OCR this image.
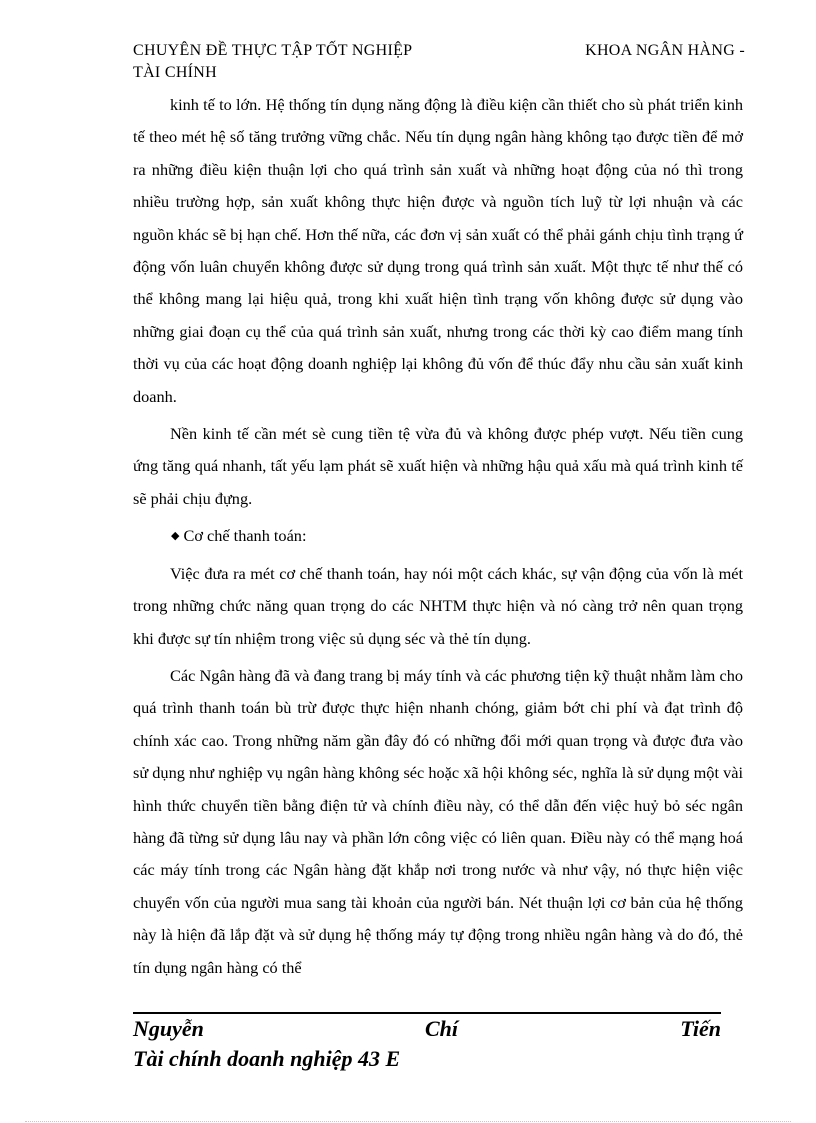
CHUYÊN ĐỀ THỰC TẬP TỐT NGHIỆP	KHOA NGÂN HÀNG -
TÀI CHÍNH

kinh tế to lớn. Hệ thống tín dụng năng động là điều kiện cần thiết cho sù phát triển kinh tế theo mét hệ số tăng trưởng vững chắc. Nếu tín dụng ngân hàng không tạo được tiền để mở ra những điều kiện thuận lợi cho quá trình sản xuất và những hoạt động của nó thì trong nhiều trường hợp, sản xuất không thực hiện được và nguồn tích luỹ từ lợi nhuận và các nguồn khác sẽ bị hạn chế. Hơn thế nữa, các đơn vị sản xuất có thể phải gánh chịu tình trạng ứ động vốn luân chuyển không được sử dụng trong quá trình sản xuất. Một thực tế như thế có thể không mang lại hiệu quả, trong khi xuất hiện tình trạng vốn không được sử dụng vào những giai đoạn cụ thể của quá trình sản xuất, nhưng trong các thời kỳ cao điểm mang tính thời vụ của các hoạt động doanh nghiệp lại không đủ vốn để thúc đẩy nhu cầu sản xuất kinh doanh.

Nền kinh tế cần mét sè cung tiền tệ vừa đủ và không được phép vượt. Nếu tiền cung ứng tăng quá nhanh, tất yếu lạm phát sẽ xuất hiện và những hậu quả xấu mà quá trình kinh tế sẽ phải chịu đựng.

◆ Cơ chế thanh toán:

Việc đưa ra mét cơ chế thanh toán, hay nói một cách khác, sự vận động của vốn là mét trong những chức năng quan trọng do các NHTM thực hiện và nó càng trở nên quan trọng khi được sự tín nhiệm trong việc sủ dụng séc và thẻ tín dụng.

Các Ngân hàng đã và đang trang bị máy tính và các phương tiện kỹ thuật nhằm làm cho quá trình thanh toán bù trừ được thực hiện nhanh chóng, giảm bớt chi phí và đạt trình độ chính xác cao. Trong những năm gần đây đó có những đổi mới quan trọng và được đưa vào sử dụng như nghiệp vụ ngân hàng không séc hoặc xã hội không séc, nghĩa là sử dụng một vài hình thức chuyển tiền bằng điện tử và chính điều này, có thể dẫn đến việc huỷ bỏ séc ngân hàng đã từng sử dụng lâu nay và phần lớn công việc có liên quan. Điều này có thể mạng hoá các máy tính trong các Ngân hàng đặt khắp nơi trong nước và như vậy, nó thực hiện việc chuyển vốn của người mua sang tài khoản của người bán. Nét thuận lợi cơ bản của hệ thống này là hiện đã lắp đặt và sử dụng hệ thống máy tự động trong nhiều ngân hàng và do đó, thẻ tín dụng ngân hàng có thể

Nguyễn	Chí	Tiến
Tài chính doanh nghiệp 43 E
